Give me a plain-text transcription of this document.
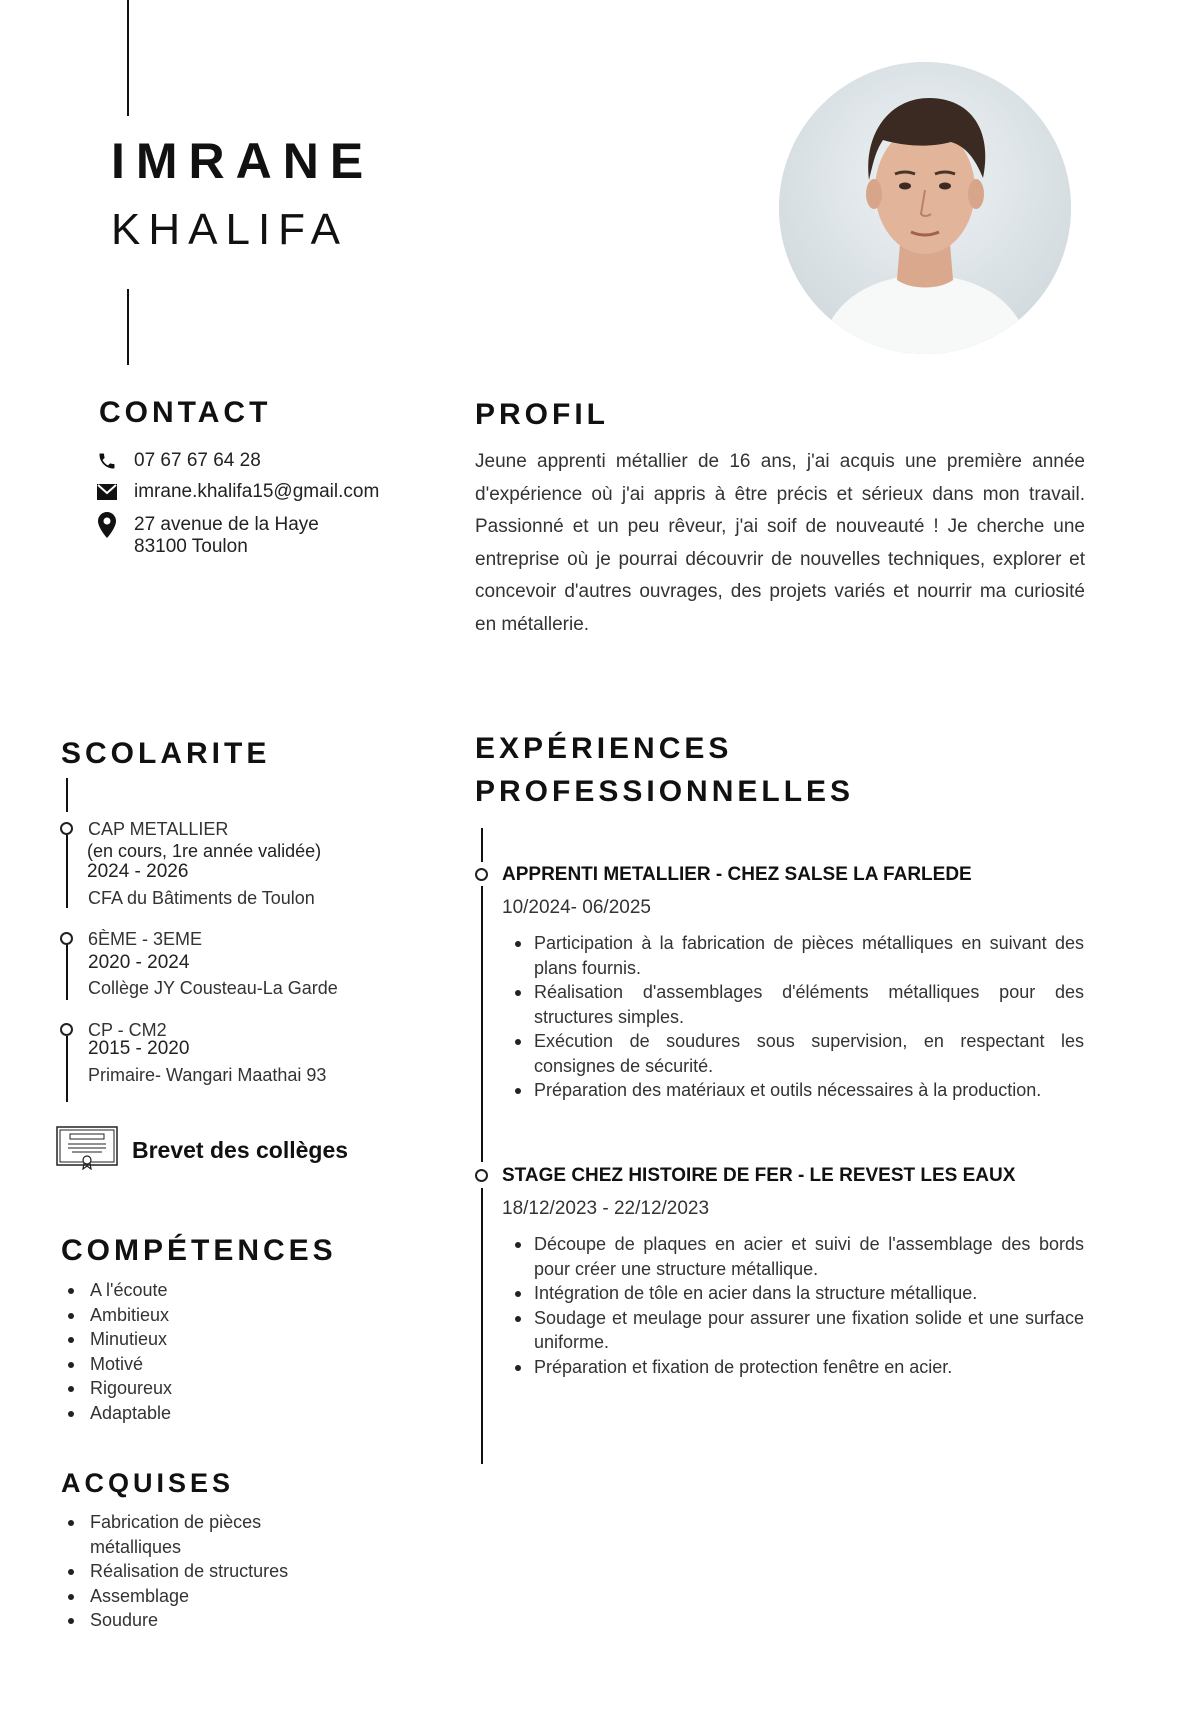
IMRANE
KHALIFA
CONTACT
07 67 67 64 28
imrane.khalifa15@gmail.com
27 avenue de la Haye
83100 Toulon
PROFIL
Jeune apprenti métallier de 16 ans, j'ai acquis une première année d'expérience où j'ai appris à être précis et sérieux dans mon travail. Passionné et un peu rêveur, j'ai soif de nouveauté ! Je cherche une entreprise où je pourrai découvrir de nouvelles techniques, explorer et concevoir d'autres ouvrages, des projets variés et nourrir ma curiosité en métallerie.
SCOLARITE
CAP METALLIER
(en cours, 1re année validée)
2024 - 2026
CFA du Bâtiments de Toulon
6ÈME - 3EME
2020 - 2024
Collège JY Cousteau-La Garde
CP - CM2
2015 - 2020
Primaire- Wangari Maathai 93
Brevet des collèges
COMPÉTENCES
A l'écoute
Ambitieux
Minutieux
Motivé
Rigoureux
Adaptable
ACQUISES
Fabrication de pièces métalliques
Réalisation de structures
Assemblage
Soudure
EXPÉRIENCES
PROFESSIONNELLES
APPRENTI METALLIER - CHEZ SALSE LA FARLEDE
10/2024- 06/2025
Participation à la fabrication de pièces métalliques en suivant des plans fournis.
Réalisation d'assemblages d'éléments métalliques pour des structures simples.
Exécution de soudures sous supervision, en respectant les consignes de sécurité.
Préparation des matériaux et outils nécessaires à la production.
STAGE CHEZ HISTOIRE DE FER - LE REVEST LES EAUX
18/12/2023 - 22/12/2023
Découpe de plaques en acier et suivi de l'assemblage des bords pour créer une structure métallique.
Intégration de tôle en acier dans la structure métallique.
Soudage et meulage pour assurer une fixation solide et une surface uniforme.
Préparation et fixation de protection fenêtre en acier.
